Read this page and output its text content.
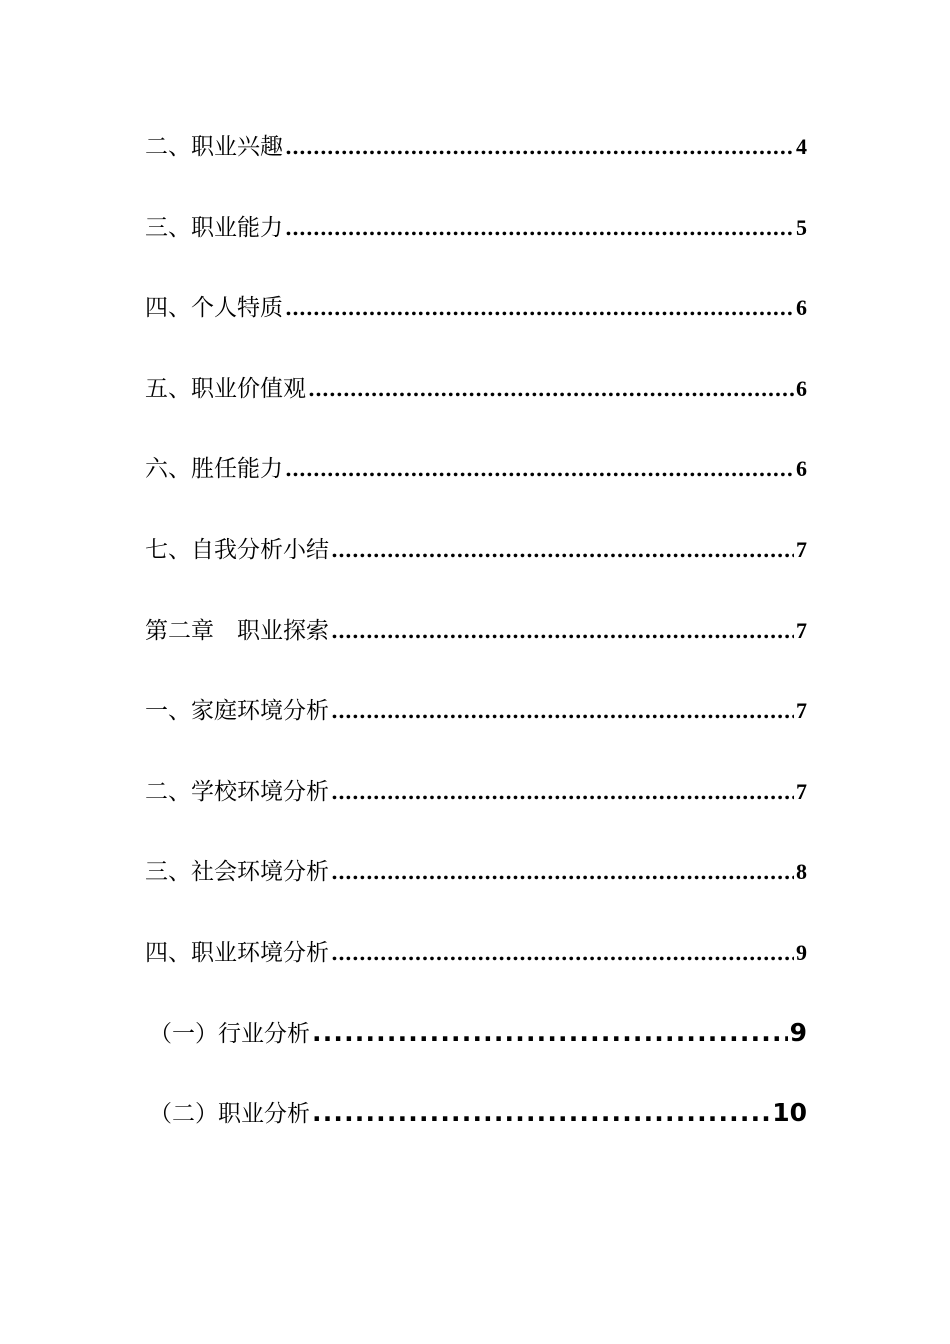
二、职业兴趣 .....	4
三、职业能力 .....	5
四、个人特质 .....	6
五、职业价值观 .....	6
六、胜任能力 .....	6
七、自我分析小结 .....	7
第二章　职业探索 .....	7
一、家庭环境分析 .....	7
二、学校环境分析 .....	7
三、社会环境分析 .....	8
四、职业环境分析 .....	9
（一）行业分析 .....	9
（二）职业分析 .....	10
